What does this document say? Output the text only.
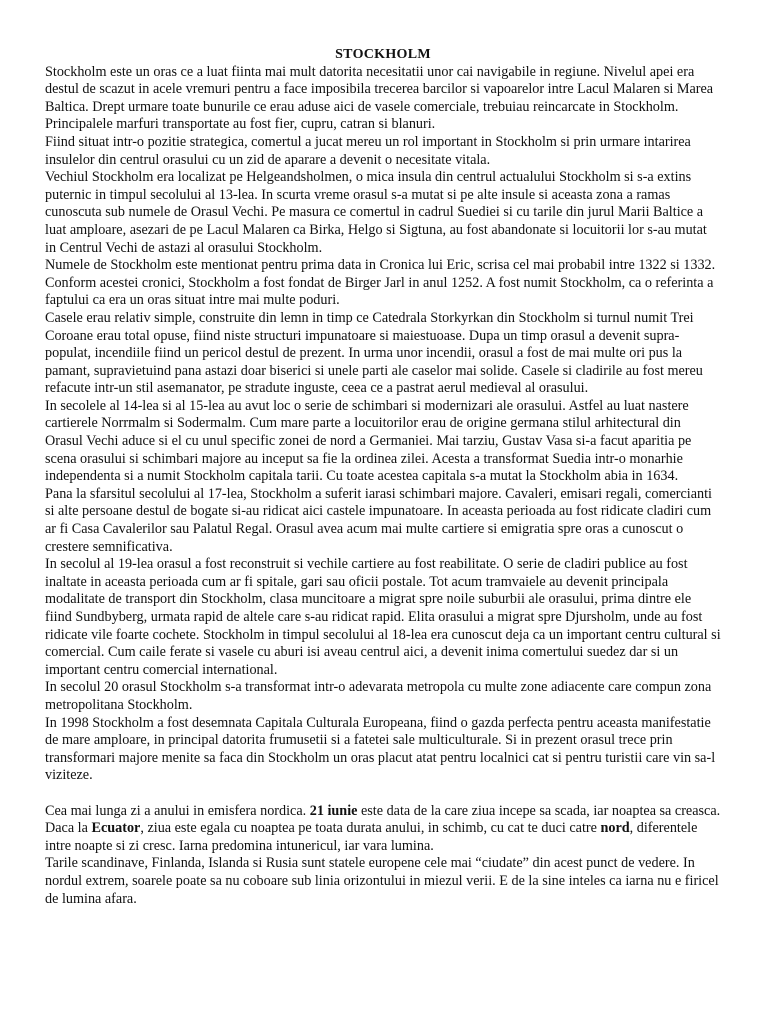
STOCKHOLM

Stockholm este un oras ce a luat fiinta mai mult datorita necesitatii unor cai navigabile in regiune. Nivelul apei era destul de scazut in acele vremuri pentru a face imposibila trecerea barcilor si vapoarelor intre Lacul Malaren si Marea Baltica. Drept urmare toate bunurile ce erau aduse aici de vasele comerciale, trebuiau reincarcate in Stockholm. Principalele marfuri transportate au fost fier, cupru, catran si blanuri.

Fiind situat intr-o pozitie strategica, comertul a jucat mereu un rol important in Stockholm si prin urmare intarirea insulelor din centrul orasului cu un zid de aparare a devenit o necesitate vitala.

Vechiul Stockholm era localizat pe Helgeandsholmen, o mica insula din centrul actualului Stockholm si s-a extins puternic in timpul secolului al 13-lea. In scurta vreme orasul s-a mutat si pe alte insule si aceasta zona a ramas cunoscuta sub numele de Orasul Vechi. Pe masura ce comertul in cadrul Suediei si cu tarile din jurul Marii Baltice a luat amploare, asezari de pe Lacul Malaren ca Birka, Helgo si Sigtuna, au fost abandonate si locuitorii lor s-au mutat in Centrul Vechi de astazi al orasului Stockholm.

Numele de Stockholm este mentionat pentru prima data in Cronica lui Eric, scrisa cel mai probabil intre 1322 si 1332. Conform acestei cronici, Stockholm a fost fondat de Birger Jarl in anul 1252. A fost numit Stockholm, ca o referinta a faptului ca era un oras situat intre mai multe poduri.

Casele erau relativ simple, construite din lemn in timp ce Catedrala Storkyrkan din Stockholm si turnul numit Trei Coroane erau total opuse, fiind niste structuri impunatoare si maiestuoase. Dupa un timp orasul a devenit supra-populat, incendiile fiind un pericol destul de prezent. In urma unor incendii, orasul a fost de mai multe ori pus la pamant, supravietuind pana astazi doar biserici si unele parti ale caselor mai solide. Casele si cladirile au fost mereu refacute intr-un stil asemanator, pe stradute inguste, ceea ce a pastrat aerul medieval al orasului.

In secolele al 14-lea si al 15-lea au avut loc o serie de schimbari si modernizari ale orasului. Astfel au luat nastere cartierele Norrmalm si Sodermalm. Cum mare parte a locuitorilor erau de origine germana stilul arhitectural din Orasul Vechi aduce si el cu unul specific zonei de nord a Germaniei. Mai tarziu, Gustav Vasa si-a facut aparitia pe scena orasului si schimbari majore au inceput sa fie la ordinea zilei. Acesta a transformat Suedia intr-o monarhie independenta si a numit Stockholm capitala tarii. Cu toate acestea capitala s-a mutat la Stockholm abia in 1634.

Pana la sfarsitul secolului al 17-lea, Stockholm a suferit iarasi schimbari majore. Cavaleri, emisari regali, comercianti si alte persoane destul de bogate si-au ridicat aici castele impunatoare. In aceasta perioada au fost ridicate cladiri cum ar fi Casa Cavalerilor sau Palatul Regal. Orasul avea acum mai multe cartiere si emigratia spre oras a cunoscut o crestere semnificativa.

In secolul al 19-lea orasul a fost reconstruit si vechile cartiere au fost reabilitate. O serie de cladiri publice au fost inaltate in aceasta perioada cum ar fi spitale, gari sau oficii postale. Tot acum tramvaiele au devenit principala modalitate de transport din Stockholm, clasa muncitoare a migrat spre noile suburbii ale orasului, prima dintre ele fiind Sundbyberg, urmata rapid de altele care s-au ridicat rapid. Elita orasului a migrat spre Djursholm, unde au fost ridicate vile foarte cochete. Stockholm in timpul secolului al 18-lea era cunoscut deja ca un important centru cultural si comercial. Cum caile ferate si vasele cu aburi isi aveau centrul aici, a devenit inima comertului suedez dar si un important centru comercial international.

In secolul 20 orasul Stockholm s-a transformat intr-o adevarata metropola cu multe zone adiacente care compun zona metropolitana Stockholm.

In 1998 Stockholm a fost desemnata Capitala Culturala Europeana, fiind o gazda perfecta pentru aceasta manifestatie de mare amploare, in principal datorita frumusetii si a fatetei sale multiculturale. Si in prezent orasul trece prin transformari majore menite sa faca din Stockholm un oras placut atat pentru localnici cat si pentru turistii care vin sa-l viziteze.

Cea mai lunga zi a anului in emisfera nordica. 21 iunie este data de la care ziua incepe sa scada, iar noaptea sa creasca.

Daca la Ecuator, ziua este egala cu noaptea pe toata durata anului, in schimb, cu cat te duci catre nord, diferentele intre noapte si zi cresc. Iarna predomina intunericul, iar vara lumina.

Tarile scandinave, Finlanda, Islanda si Rusia sunt statele europene cele mai “ciudate” din acest punct de vedere. In nordul extrem, soarele poate sa nu coboare sub linia orizontului in miezul verii. E de la sine inteles ca iarna nu e firicel de lumina afara.
